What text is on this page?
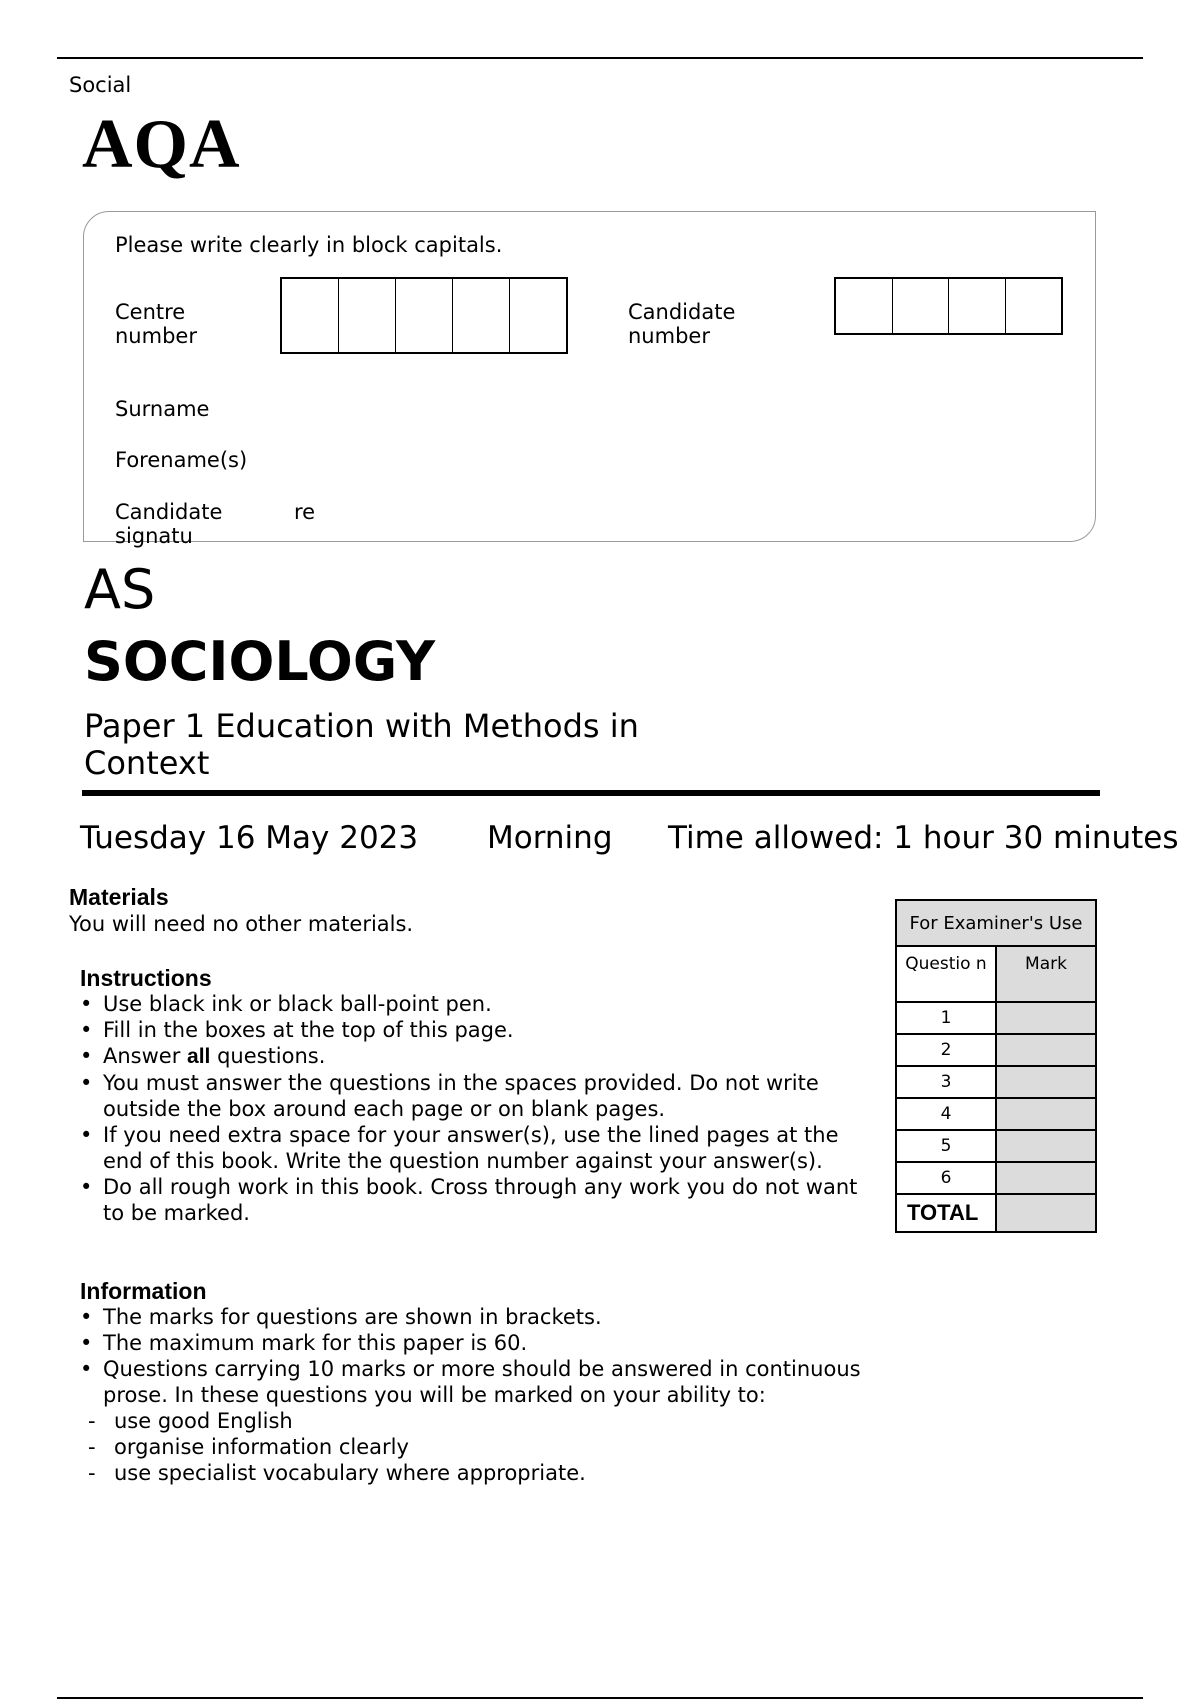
Social
AQA
Please write clearly in block capitals.
Centre
number
Candidate
number
Surname
Forename(s)
Candidate
signatu
re
AS
SOCIOLOGY
Paper 1 Education with Methods in Context
Tuesday 16 May 2023 Morning Time allowed: 1 hour 30 minutes
Materials
You will need no other materials.
Instructions
• Use black ink or black ball-point pen.
• Fill in the boxes at the top of this page.
• Answer all questions.
• You must answer the questions in the spaces provided. Do not write outside the box around each page or on blank pages.
• If you need extra space for your answer(s), use the lined pages at the end of this book. Write the question number against your answer(s).
• Do all rough work in this book. Cross through any work you do not want to be marked.
Information
• The marks for questions are shown in brackets.
• The maximum mark for this paper is 60.
• Questions carrying 10 marks or more should be answered in continuous prose. In these questions you will be marked on your ability to:
- use good English
- organise information clearly
- use specialist vocabulary where appropriate.
For Examiner's Use	
Questio n	Mark
1	
2	
3	
4	
5	
6	
TOTAL	
